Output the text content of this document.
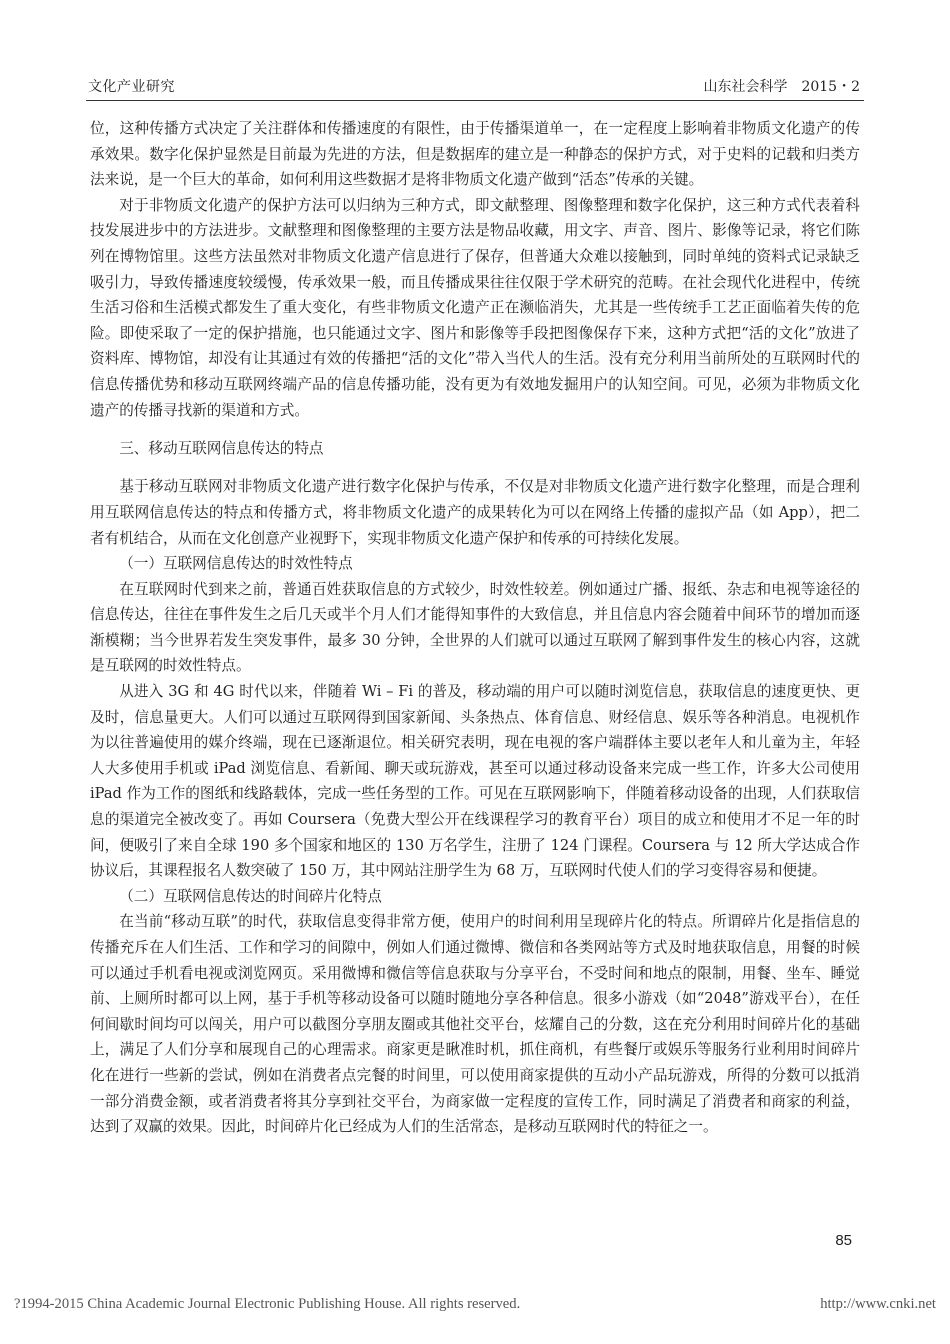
文化产业研究	山东社会科学　2015・2

位，这种传播方式决定了关注群体和传播速度的有限性，由于传播渠道单一，在一定程度上影响着非物质文化遗产的传承效果。数字化保护显然是目前最为先进的方法，但是数据库的建立是一种静态的保护方式，对于史料的记载和归类方法来说，是一个巨大的革命，如何利用这些数据才是将非物质文化遗产做到“活态”传承的关键。

对于非物质文化遗产的保护方法可以归纳为三种方式，即文献整理、图像整理和数字化保护，这三种方式代表着科技发展进步中的方法进步。文献整理和图像整理的主要方法是物品收藏，用文字、声音、图片、影像等记录，将它们陈列在博物馆里。这些方法虽然对非物质文化遗产信息进行了保存，但普通大众难以接触到，同时单纯的资料式记录缺乏吸引力，导致传播速度较缓慢，传承效果一般，而且传播成果往往仅限于学术研究的范畴。在社会现代化进程中，传统生活习俗和生活模式都发生了重大变化，有些非物质文化遗产正在濒临消失，尤其是一些传统手工艺正面临着失传的危险。即使采取了一定的保护措施，也只能通过文字、图片和影像等手段把图像保存下来，这种方式把“活的文化”放进了资料库、博物馆，却没有让其通过有效的传播把“活的文化”带入当代人的生活。没有充分利用当前所处的互联网时代的信息传播优势和移动互联网终端产品的信息传播功能，没有更为有效地发掘用户的认知空间。可见，必须为非物质文化遗产的传播寻找新的渠道和方式。

三、移动互联网信息传达的特点

基于移动互联网对非物质文化遗产进行数字化保护与传承，不仅是对非物质文化遗产进行数字化整理，而是合理利用互联网信息传达的特点和传播方式，将非物质文化遗产的成果转化为可以在网络上传播的虚拟产品（如 App），把二者有机结合，从而在文化创意产业视野下，实现非物质文化遗产保护和传承的可持续化发展。

（一）互联网信息传达的时效性特点

在互联网时代到来之前，普通百姓获取信息的方式较少，时效性较差。例如通过广播、报纸、杂志和电视等途径的信息传达，往往在事件发生之后几天或半个月人们才能得知事件的大致信息，并且信息内容会随着中间环节的增加而逐渐模糊；当今世界若发生突发事件，最多 30 分钟，全世界的人们就可以通过互联网了解到事件发生的核心内容，这就是互联网的时效性特点。

从进入 3G 和 4G 时代以来，伴随着 Wi – Fi 的普及，移动端的用户可以随时浏览信息，获取信息的速度更快、更及时，信息量更大。人们可以通过互联网得到国家新闻、头条热点、体育信息、财经信息、娱乐等各种消息。电视机作为以往普遍使用的媒介终端，现在已逐渐退位。相关研究表明，现在电视的客户端群体主要以老年人和儿童为主，年轻人大多使用手机或 iPad 浏览信息、看新闻、聊天或玩游戏，甚至可以通过移动设备来完成一些工作，许多大公司使用 iPad 作为工作的图纸和线路载体，完成一些任务型的工作。可见在互联网影响下，伴随着移动设备的出现，人们获取信息的渠道完全被改变了。再如 Coursera（免费大型公开在线课程学习的教育平台）项目的成立和使用才不足一年的时间，便吸引了来自全球 190 多个国家和地区的 130 万名学生，注册了 124 门课程。Coursera 与 12 所大学达成合作协议后，其课程报名人数突破了 150 万，其中网站注册学生为 68 万，互联网时代使人们的学习变得容易和便捷。

（二）互联网信息传达的时间碎片化特点

在当前“移动互联”的时代，获取信息变得非常方便，使用户的时间利用呈现碎片化的特点。所谓碎片化是指信息的传播充斥在人们生活、工作和学习的间隙中，例如人们通过微博、微信和各类网站等方式及时地获取信息，用餐的时候可以通过手机看电视或浏览网页。采用微博和微信等信息获取与分享平台，不受时间和地点的限制，用餐、坐车、睡觉前、上厕所时都可以上网，基于手机等移动设备可以随时随地分享各种信息。很多小游戏（如“2048”游戏平台），在任何间歇时间均可以闯关，用户可以截图分享朋友圈或其他社交平台，炫耀自己的分数，这在充分利用时间碎片化的基础上，满足了人们分享和展现自己的心理需求。商家更是瞅准时机，抓住商机，有些餐厅或娱乐等服务行业利用时间碎片化在进行一些新的尝试，例如在消费者点完餐的时间里，可以使用商家提供的互动小产品玩游戏，所得的分数可以抵消一部分消费金额，或者消费者将其分享到社交平台，为商家做一定程度的宣传工作，同时满足了消费者和商家的利益，达到了双赢的效果。因此，时间碎片化已经成为人们的生活常态，是移动互联网时代的特征之一。

85
?1994-2015 China Academic Journal Electronic Publishing House. All rights reserved.	http://www.cnki.net
